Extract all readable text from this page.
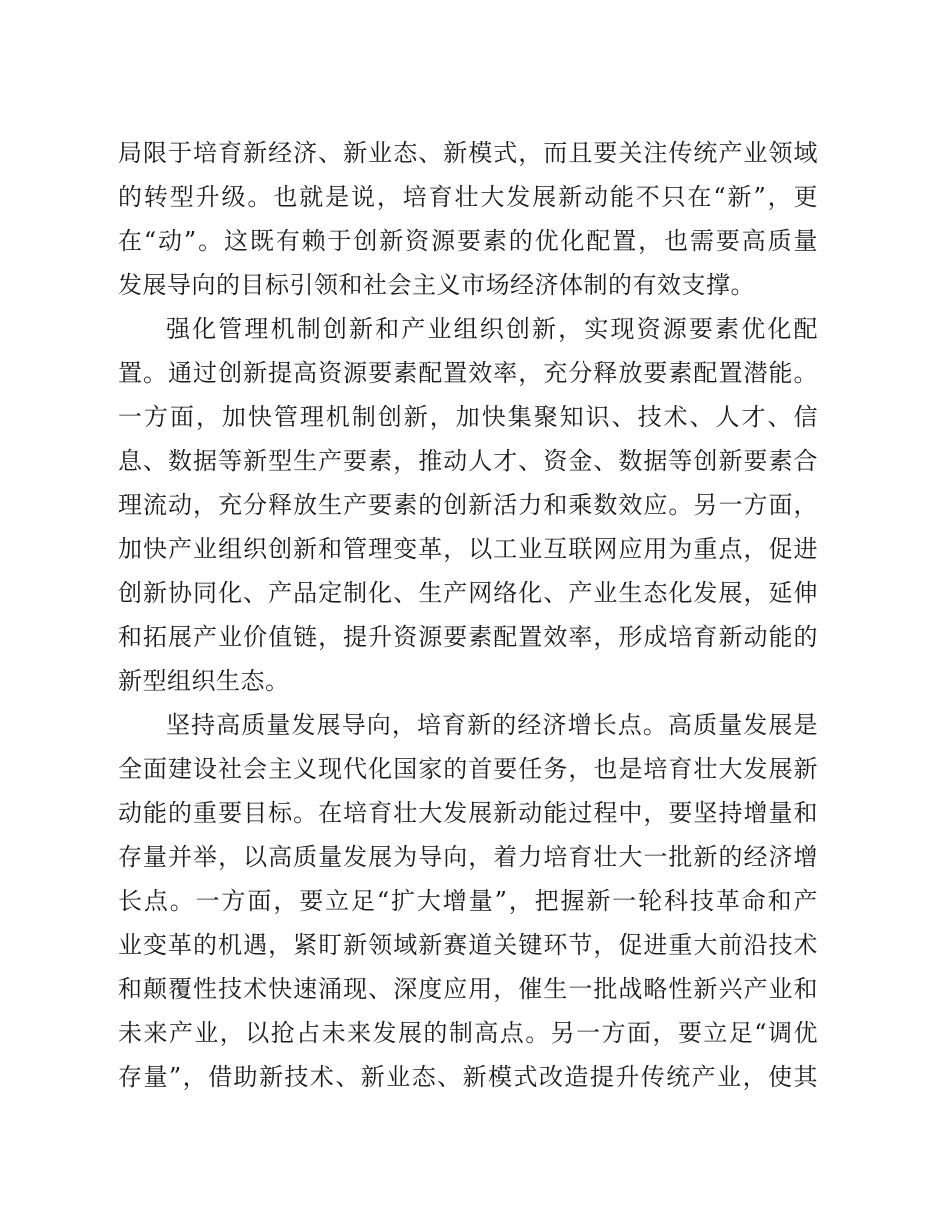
局限于培育新经济、新业态、新模式，而且要关注传统产业领域
的转型升级。也就是说，培育壮大发展新动能不只在“新”，更
在“动”。这既有赖于创新资源要素的优化配置，也需要高质量
发展导向的目标引领和社会主义市场经济体制的有效支撑。
强化管理机制创新和产业组织创新，实现资源要素优化配
置。通过创新提高资源要素配置效率，充分释放要素配置潜能。
一方面，加快管理机制创新，加快集聚知识、技术、人才、信
息、数据等新型生产要素，推动人才、资金、数据等创新要素合
理流动，充分释放生产要素的创新活力和乘数效应。另一方面，
加快产业组织创新和管理变革，以工业互联网应用为重点，促进
创新协同化、产品定制化、生产网络化、产业生态化发展，延伸
和拓展产业价值链，提升资源要素配置效率，形成培育新动能的
新型组织生态。
坚持高质量发展导向，培育新的经济增长点。高质量发展是
全面建设社会主义现代化国家的首要任务，也是培育壮大发展新
动能的重要目标。在培育壮大发展新动能过程中，要坚持增量和
存量并举，以高质量发展为导向，着力培育壮大一批新的经济增
长点。一方面，要立足“扩大增量”，把握新一轮科技革命和产
业变革的机遇，紧盯新领域新赛道关键环节，促进重大前沿技术
和颠覆性技术快速涌现、深度应用，催生一批战略性新兴产业和
未来产业，以抢占未来发展的制高点。另一方面，要立足“调优
存量”，借助新技术、新业态、新模式改造提升传统产业，使其
